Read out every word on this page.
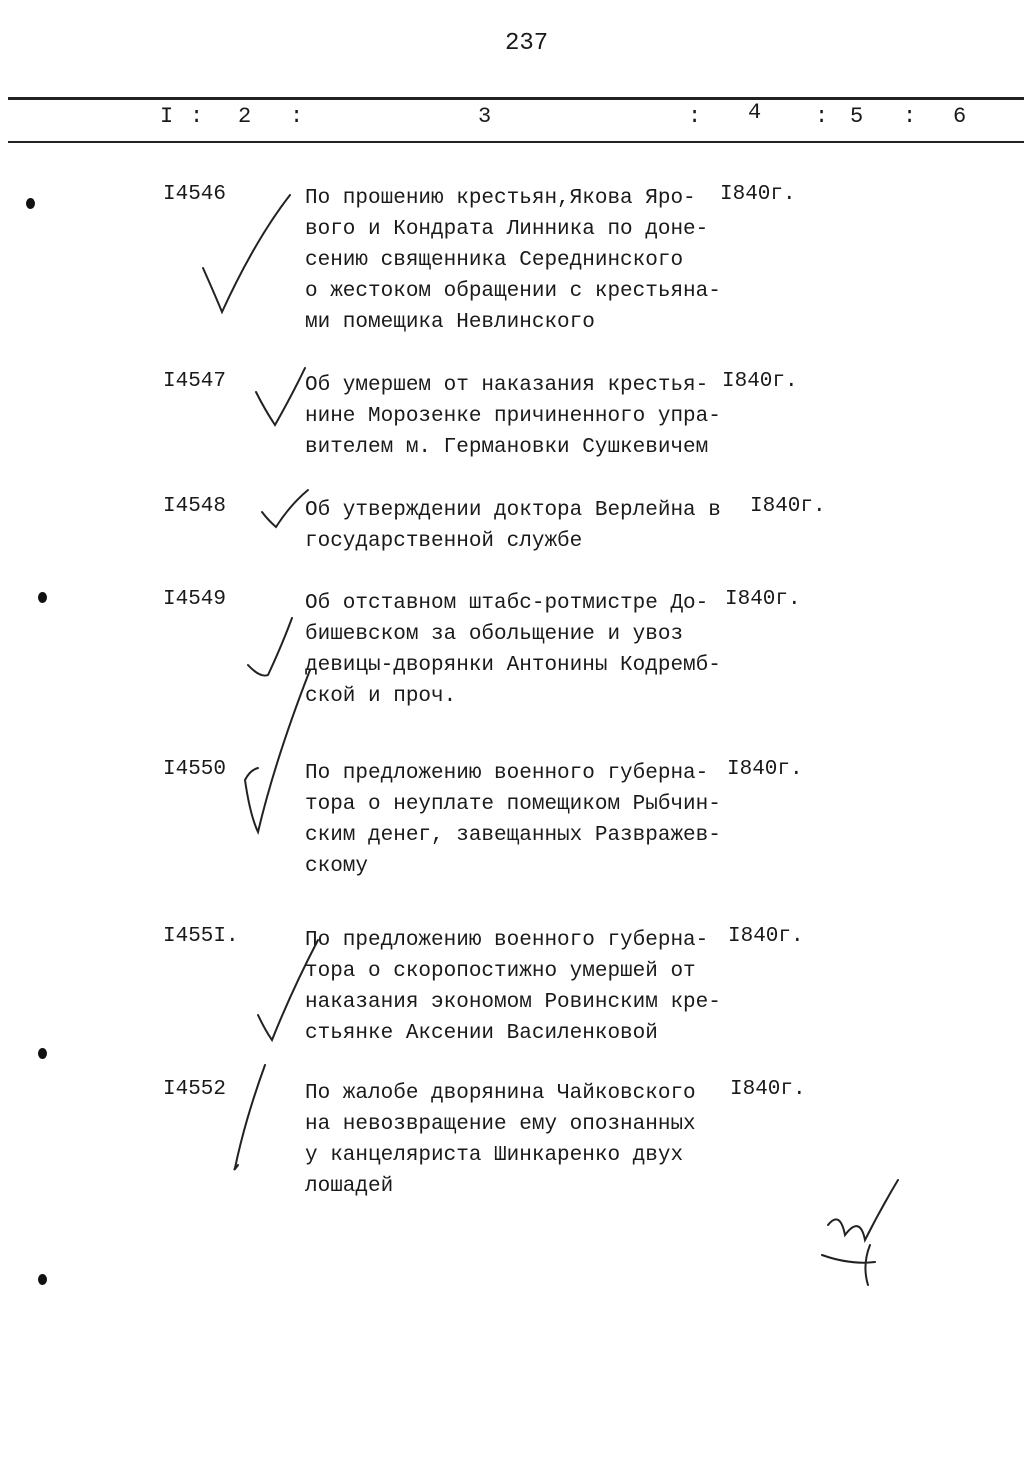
237
I : 2 :	3	: 4 : 5 : 6
I4546	По прошению крестьян,Якова Яро-
вого и Кондрата Линника по доне-
сению священника Середнинского
о жестоком обращении с крестьяна-
ми помещика Невлинского
I840г.
I4547	Об умершем от наказания крестья-
нине Морозенке причиненного упра-
вителем м. Германовки Сушкевичем
I840г.
I4548	Об утверждении доктора Верлейна в
государственной службе
I840г.
I4549	Об отставном штабс-ротмистре До-
бишевском за обольщение и увоз
девицы-дворянки Антонины Кодремб-
ской и проч.
I840г.
I4550	По предложению военного губерна-
тора о неуплате помещиком Рыбчин-
ским денег, завещанных Развражев-
скому
I840г.
I455I.	По предложению военного губерна-
тора о скоропостижно умершей от
наказания экономом Ровинским кре-
стьянке Аксении Василенковой
I840г.
I4552	По жалобе дворянина Чайковского
на невозвращение ему опознанных
у канцеляриста Шинкаренко двух
лошадей
I840г.
